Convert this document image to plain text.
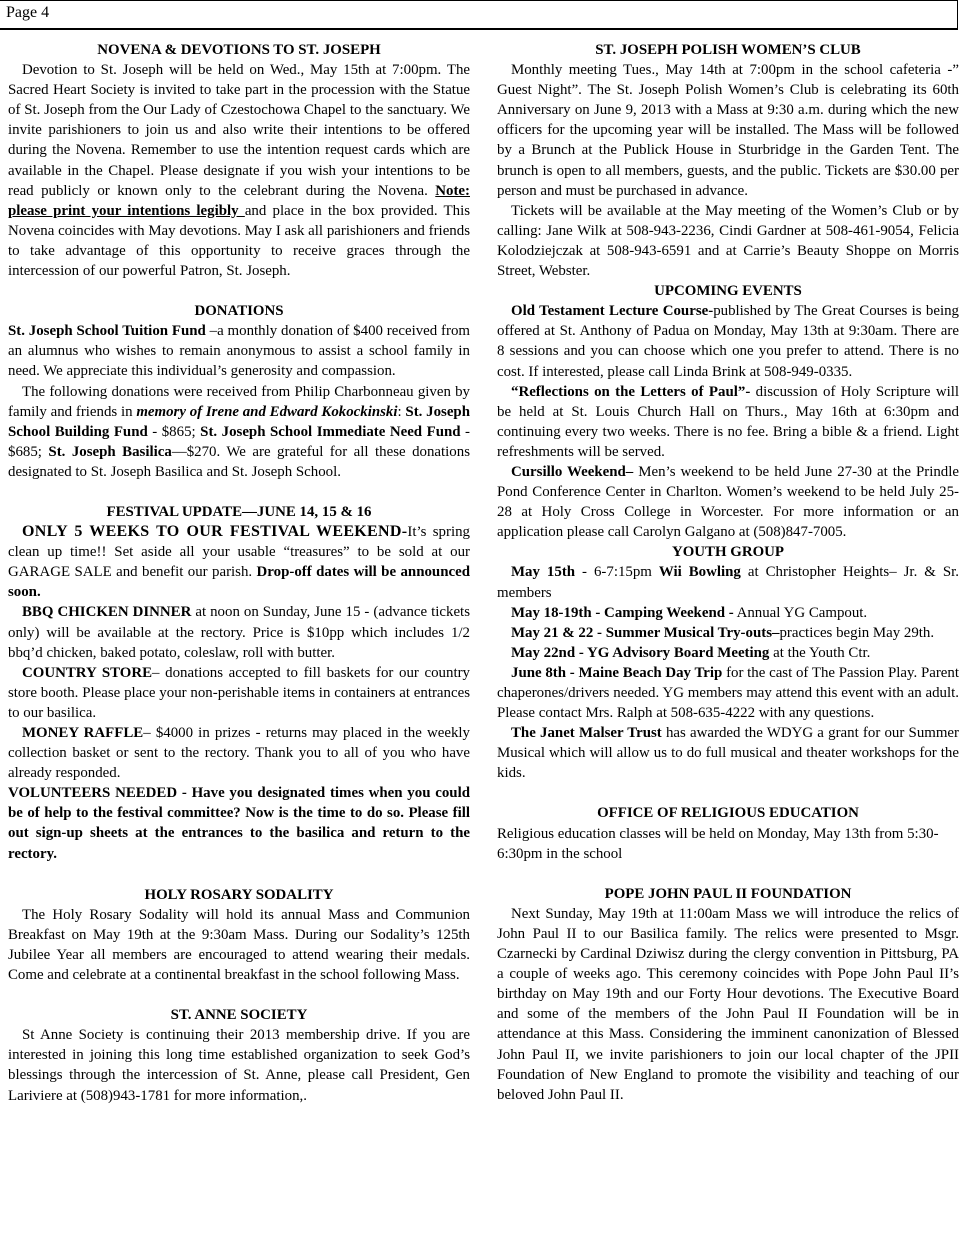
Page 4

NOVENA & DEVOTIONS TO ST. JOSEPH

Devotion to St. Joseph will be held on Wed., May 15th at 7:00pm. The Sacred Heart Society is invited to take part in the procession with the Statue of St. Joseph from the Our Lady of Czestochowa Chapel to the sanctuary. We invite parishioners to join us and also write their intentions to be offered during the Novena. Remember to use the intention request cards which are available in the Chapel. Please designate if you wish your intentions to be read publicly or known only to the celebrant during the Novena. Note: please print your intentions legibly and place in the box provided. This Novena coincides with May devotions. May I ask all parishioners and friends to take advantage of this opportunity to receive graces through the intercession of our powerful Patron, St. Joseph.

DONATIONS

St. Joseph School Tuition Fund –a monthly donation of $400 received from an alumnus who wishes to remain anonymous to assist a school family in need. We appreciate this individual’s generosity and compassion.

The following donations were received from Philip Charbonneau given by family and friends in memory of Irene and Edward Kokockinski: St. Joseph School Building Fund - $865; St. Joseph School Immediate Need Fund - $685; St. Joseph Basilica—$270. We are grateful for all these donations designated to St. Joseph Basilica and St. Joseph School.

FESTIVAL UPDATE—JUNE 14, 15 & 16

ONLY 5 WEEKS TO OUR FESTIVAL WEEKEND-It’s spring clean up time!! Set aside all your usable “treasures” to be sold at our GARAGE SALE and benefit our parish. Drop-off dates will be announced soon.

BBQ CHICKEN DINNER at noon on Sunday, June 15 - (advance tickets only) will be available at the rectory. Price is $10pp which includes 1/2 bbq’d chicken, baked potato, coleslaw, roll with butter.

COUNTRY STORE– donations accepted to fill baskets for our country store booth. Please place your non-perishable items in containers at entrances to our basilica.

MONEY RAFFLE– $4000 in prizes - returns may placed in the weekly collection basket or sent to the rectory. Thank you to all of you who have already responded.

VOLUNTEERS NEEDED - Have you designated times when you could be of help to the festival committee? Now is the time to do so. Please fill out sign-up sheets at the entrances to the basilica and return to the rectory.

HOLY ROSARY SODALITY

The Holy Rosary Sodality will hold its annual Mass and Communion Breakfast on May 19th at the 9:30am Mass. During our Sodality’s 125th Jubilee Year all members are encouraged to attend wearing their medals. Come and celebrate at a continental breakfast in the school following Mass.

ST. ANNE SOCIETY

St Anne Society is continuing their 2013 membership drive. If you are interested in joining this long time established organization to seek God’s blessings through the intercession of St. Anne, please call President, Gen Lariviere at (508)943-1781 for more information,.

ST. JOSEPH POLISH WOMEN’S CLUB

Monthly meeting Tues., May 14th at 7:00pm in the school cafeteria -” Guest Night”. The St. Joseph Polish Women’s Club is celebrating its 60th Anniversary on June 9, 2013 with a Mass at 9:30 a.m. during which the new officers for the upcoming year will be installed. The Mass will be followed by a Brunch at the Publick House in Sturbridge in the Garden Tent. The brunch is open to all members, guests, and the public. Tickets are $30.00 per person and must be purchased in advance.

Tickets will be available at the May meeting of the Women’s Club or by calling: Jane Wilk at 508-943-2236, Cindi Gardner at 508-461-9054, Felicia Kolodziejczak at 508-943-6591 and at Carrie’s Beauty Shoppe on Morris Street, Webster.

UPCOMING EVENTS

Old Testament Lecture Course-published by The Great Courses is being offered at St. Anthony of Padua on Monday, May 13th at 9:30am. There are 8 sessions and you can choose which one you prefer to attend. There is no cost. If interested, please call Linda Brink at 508-949-0335.

“Reflections on the Letters of Paul”- discussion of Holy Scripture will be held at St. Louis Church Hall on Thurs., May 16th at 6:30pm and continuing every two weeks. There is no fee. Bring a bible & a friend. Light refreshments will be served.

Cursillo Weekend– Men’s weekend to be held June 27-30 at the Prindle Pond Conference Center in Charlton. Women’s weekend to be held July 25-28 at Holy Cross College in Worcester. For more information or an application please call Carolyn Galgano at (508)847-7005.

YOUTH GROUP

May 15th - 6-7:15pm Wii Bowling at Christopher Heights– Jr. & Sr. members

May 18-19th - Camping Weekend - Annual YG Campout.

May 21 & 22 - Summer Musical Try-outs–practices begin May 29th.

May 22nd - YG Advisory Board Meeting at the Youth Ctr.

June 8th - Maine Beach Day Trip for the cast of The Passion Play. Parent chaperones/drivers needed. YG members may attend this event with an adult. Please contact Mrs. Ralph at 508-635-4222 with any questions.

The Janet Malser Trust has awarded the WDYG a grant for our Summer Musical which will allow us to do full musical and theater workshops for the kids.

OFFICE OF RELIGIOUS EDUCATION

Religious education classes will be held on Monday, May 13th from 5:30-6:30pm in the school

POPE JOHN PAUL II FOUNDATION

Next Sunday, May 19th at 11:00am Mass we will introduce the relics of John Paul II to our Basilica family. The relics were presented to Msgr. Czarnecki by Cardinal Dziwisz during the clergy convention in Pittsburg, PA a couple of weeks ago. This ceremony coincides with Pope John Paul II’s birthday on May 19th and our Forty Hour devotions. The Executive Board and some of the members of the John Paul II Foundation will be in attendance at this Mass. Considering the imminent canonization of Blessed John Paul II, we invite parishioners to join our local chapter of the JPII Foundation of New England to promote the visibility and teaching of our beloved John Paul II.
